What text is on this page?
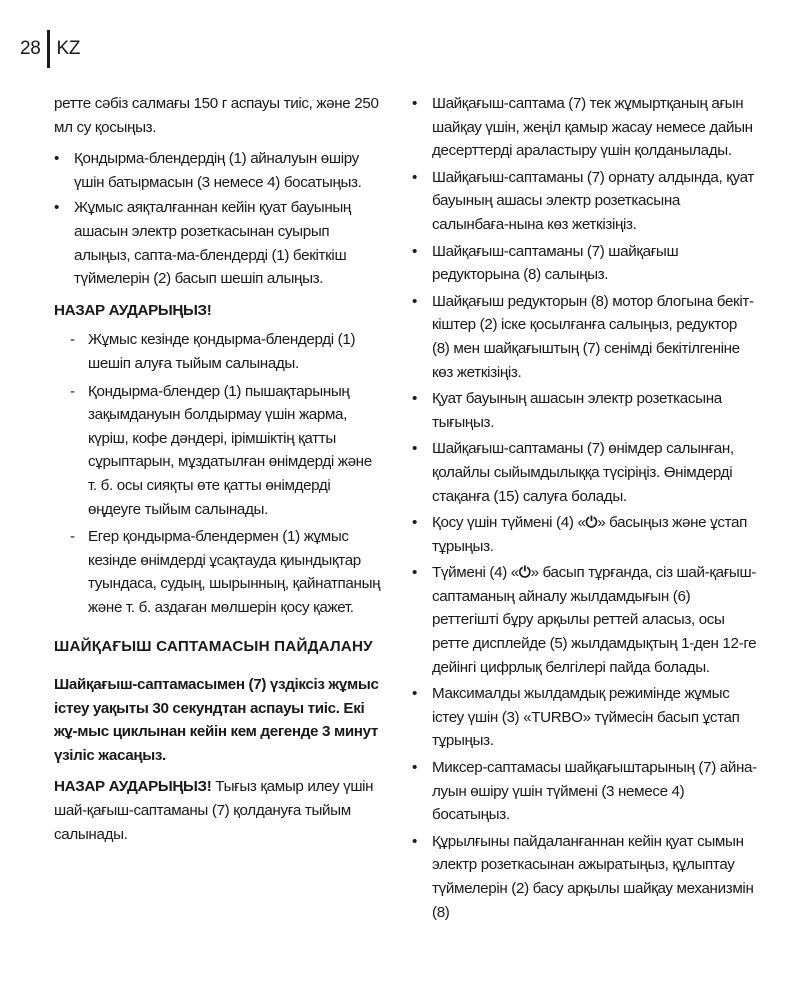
28 KZ

ретте сәбіз салмағы 150 г аспауы тиіс, және 250 мл су қосыңыз.

• Қондырма-блендердің (1) айналуын өшіру үшін батырмасын (3 немесе 4) босатыңыз.
• Жұмыс аяқталғаннан кейін қуат бауының ашасын электр розеткасынан суырып алыңыз, сапта-ма-блендерді (1) бекіткіш түймелерін (2) басып шешіп алыңыз.

НАЗАР АУДАРЫҢЫЗ!

- Жұмыс кезінде қондырма-блендерді (1) шешіп алуға тыйым салынады.
- Қондырма-блендер (1) пышақтарының зақымдануын болдырмау үшін жарма, күріш, кофе дәндері, ірімшіктің қатты сұрыптарын, мұздатылған өнімдерді және т. б. осы сияқты өте қатты өнімдерді өңдеуге тыйым салынады.
- Егер қондырма-блендермен (1) жұмыс кезінде өнімдерді ұсақтауда қиындықтар туындаса, судың, шырынның, қайнатпаның және т. б. аздаған мөлшерін қосу қажет.

ШАЙҚАҒЫШ САПТАМАСЫН ПАЙДАЛАНУ

Шайқағыш-саптамасымен (7) үздіксіз жұмыс істеу уақыты 30 секундтан аспауы тиіс. Екі жұ-мыс циклынан кейін кем дегенде 3 минут үзіліс жасаңыз.

НАЗАР АУДАРЫҢЫЗ! Тығыз қамыр илеу үшін шай-қағыш-саптаманы (7) қолдануға тыйым салынады.

• Шайқағыш-саптама (7) тек жұмыртқаның ағын шайқау үшін, жеңіл қамыр жасау немесе дайын десерттерді араластыру үшін қолданылады.
• Шайқағыш-саптаманы (7) орнату алдында, қуат бауының ашасы электр розеткасына салынбаға-нына көз жеткізіңіз.
• Шайқағыш-саптаманы (7) шайқағыш редукторына (8) салыңыз.
• Шайқағыш редукторын (8) мотор блогына бекіт-кіштер (2) іске қосылғанға салыңыз, редуктор (8) мен шайқағыштың (7) сенімді бекітілгеніне көз жеткізіңіз.
• Қуат бауының ашасын электр розеткасына тығыңыз.
• Шайқағыш-саптаманы (7) өнімдер салынған, қолайлы сыйымдылыққа түсіріңіз. Өнімдерді стақанға (15) салуға болады.
• Қосу үшін түймені (4) «⏻» басыңыз және ұстап тұрыңыз.
• Түймені (4) «⏻» басып тұрғанда, сіз шай-қағыш-саптаманың айналу жылдамдығын (6) реттегішті бұру арқылы реттей аласыз, осы ретте дисплейде (5) жылдамдықтың 1-ден 12-ге дейінгі цифрлық белгілері пайда болады.
• Максималды жылдамдық режимінде жұмыс істеу үшін (3) «TURBO» түймесін басып ұстап тұрыңыз.
• Миксер-саптамасы шайқағыштарының (7) айна-луын өшіру үшін түймені (3 немесе 4) босатыңыз.
• Құрылғыны пайдаланғаннан кейін қуат сымын электр розеткасынан ажыратыңыз, құлыптау түймелерін (2) басу арқылы шайқау механизмін (8)
